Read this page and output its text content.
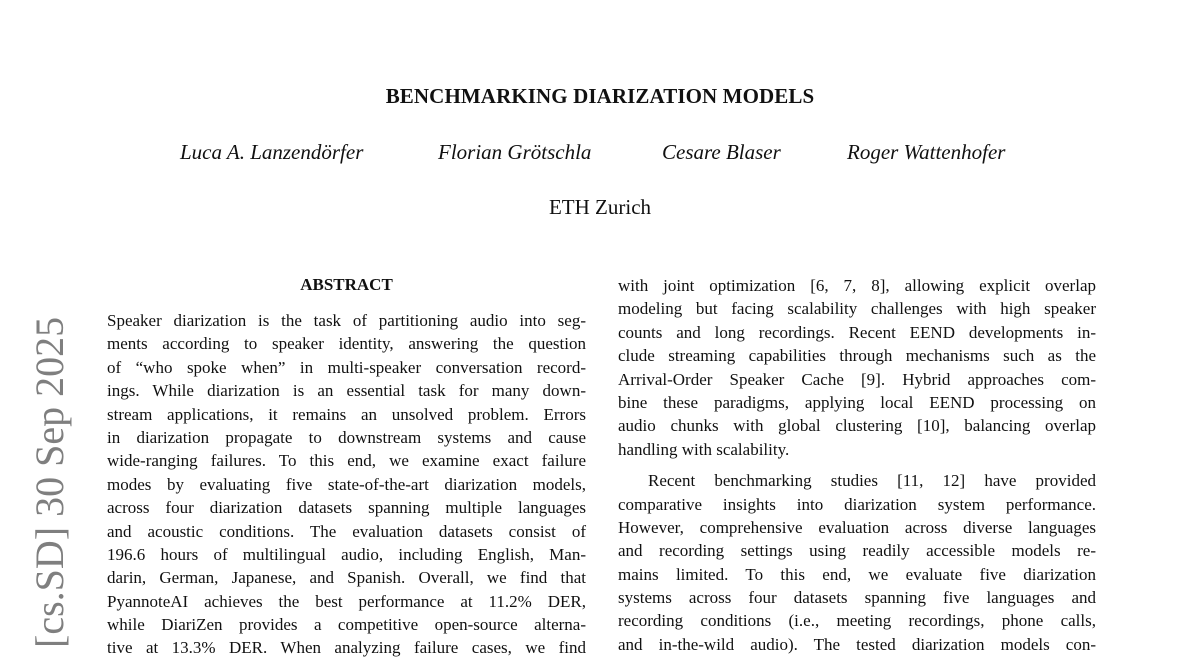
[cs.SD] 30 Sep 2025
BENCHMARKING DIARIZATION MODELS
Luca A. Lanzendörfer	Florian Grötschla	Cesare Blaser	Roger Wattenhofer
ETH Zurich
ABSTRACT
Speaker diarization is the task of partitioning audio into seg-
ments according to speaker identity, answering the question
of “who spoke when” in multi-speaker conversation record-
ings. While diarization is an essential task for many down-
stream applications, it remains an unsolved problem. Errors
in diarization propagate to downstream systems and cause
wide-ranging failures. To this end, we examine exact failure
modes by evaluating five state-of-the-art diarization models,
across four diarization datasets spanning multiple languages
and acoustic conditions. The evaluation datasets consist of
196.6 hours of multilingual audio, including English, Man-
darin, German, Japanese, and Spanish. Overall, we find that
PyannoteAI achieves the best performance at 11.2% DER,
while DiariZen provides a competitive open-source alterna-
tive at 13.3% DER. When analyzing failure cases, we find
with joint optimization [6, 7, 8], allowing explicit overlap
modeling but facing scalability challenges with high speaker
counts and long recordings. Recent EEND developments in-
clude streaming capabilities through mechanisms such as the
Arrival-Order Speaker Cache [9]. Hybrid approaches com-
bine these paradigms, applying local EEND processing on
audio chunks with global clustering [10], balancing overlap
handling with scalability.
Recent benchmarking studies [11, 12] have provided
comparative insights into diarization system performance.
However, comprehensive evaluation across diverse languages
and recording settings using readily accessible models re-
mains limited. To this end, we evaluate five diarization
systems across four datasets spanning five languages and
recording conditions (i.e., meeting recordings, phone calls,
and in-the-wild audio). The tested diarization models con-
